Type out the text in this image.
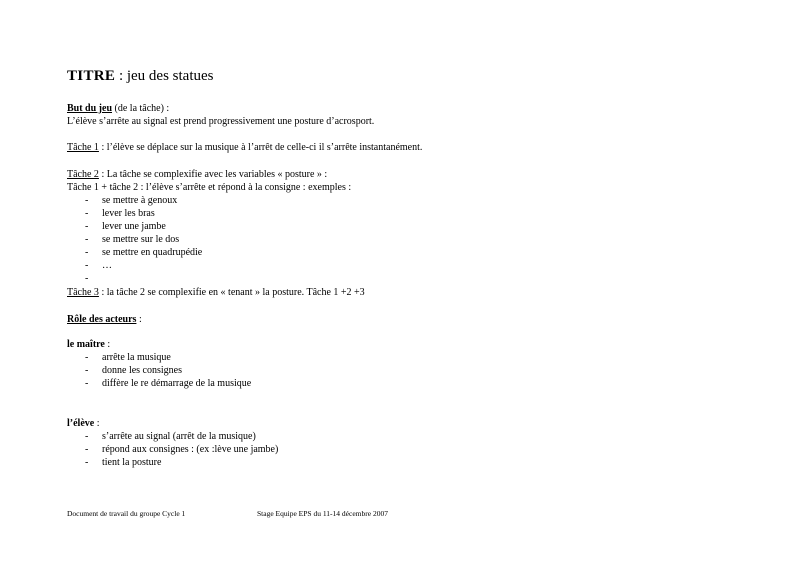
TITRE : jeu des statues
But du jeu (de la tâche) :
L’élève s’arrête au signal est prend progressivement une posture d’acrosport.
Tâche 1 : l’élève se déplace sur la musique à l’arrêt de celle-ci il s’arrête instantanément.
Tâche 2 : La tâche se complexifie avec les variables « posture » :
Tâche 1 + tâche 2 : l’élève s’arrête et répond à la consigne : exemples :
- se mettre à genoux
- lever les bras
- lever une jambe
- se mettre sur le dos
- se mettre en quadrupédie
- …
-
Tâche 3 : la tâche 2 se complexifie en « tenant » la posture. Tâche 1 +2 +3
Rôle des acteurs :
le maître :
- arrête la musique
- donne les consignes
- diffère le re démarrage de la musique
l’élève :
- s’arrête au signal (arrêt de la musique)
- répond aux consignes : (ex :lève une jambe)
- tient la posture
Document de travail du groupe Cycle 1	Stage Equipe EPS du 11-14 décembre 2007
